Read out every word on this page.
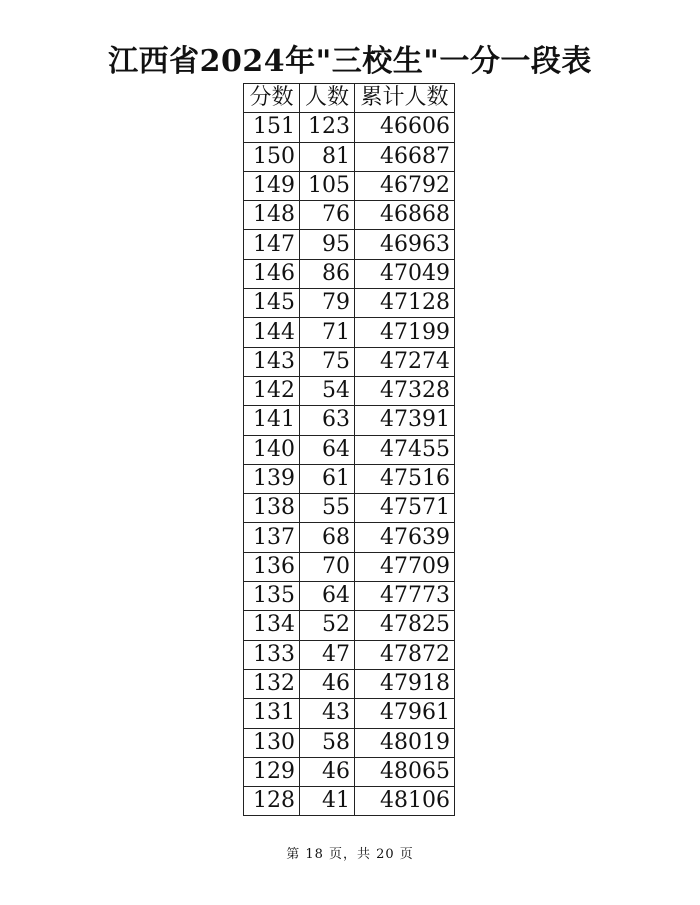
江西省2024年"三校生"一分一段表
分数	人数	累计人数
151	123	46606
150	81	46687
149	105	46792
148	76	46868
147	95	46963
146	86	47049
145	79	47128
144	71	47199
143	75	47274
142	54	47328
141	63	47391
140	64	47455
139	61	47516
138	55	47571
137	68	47639
136	70	47709
135	64	47773
134	52	47825
133	47	47872
132	46	47918
131	43	47961
130	58	48019
129	46	48065
128	41	48106
第 18 页，共 20 页
